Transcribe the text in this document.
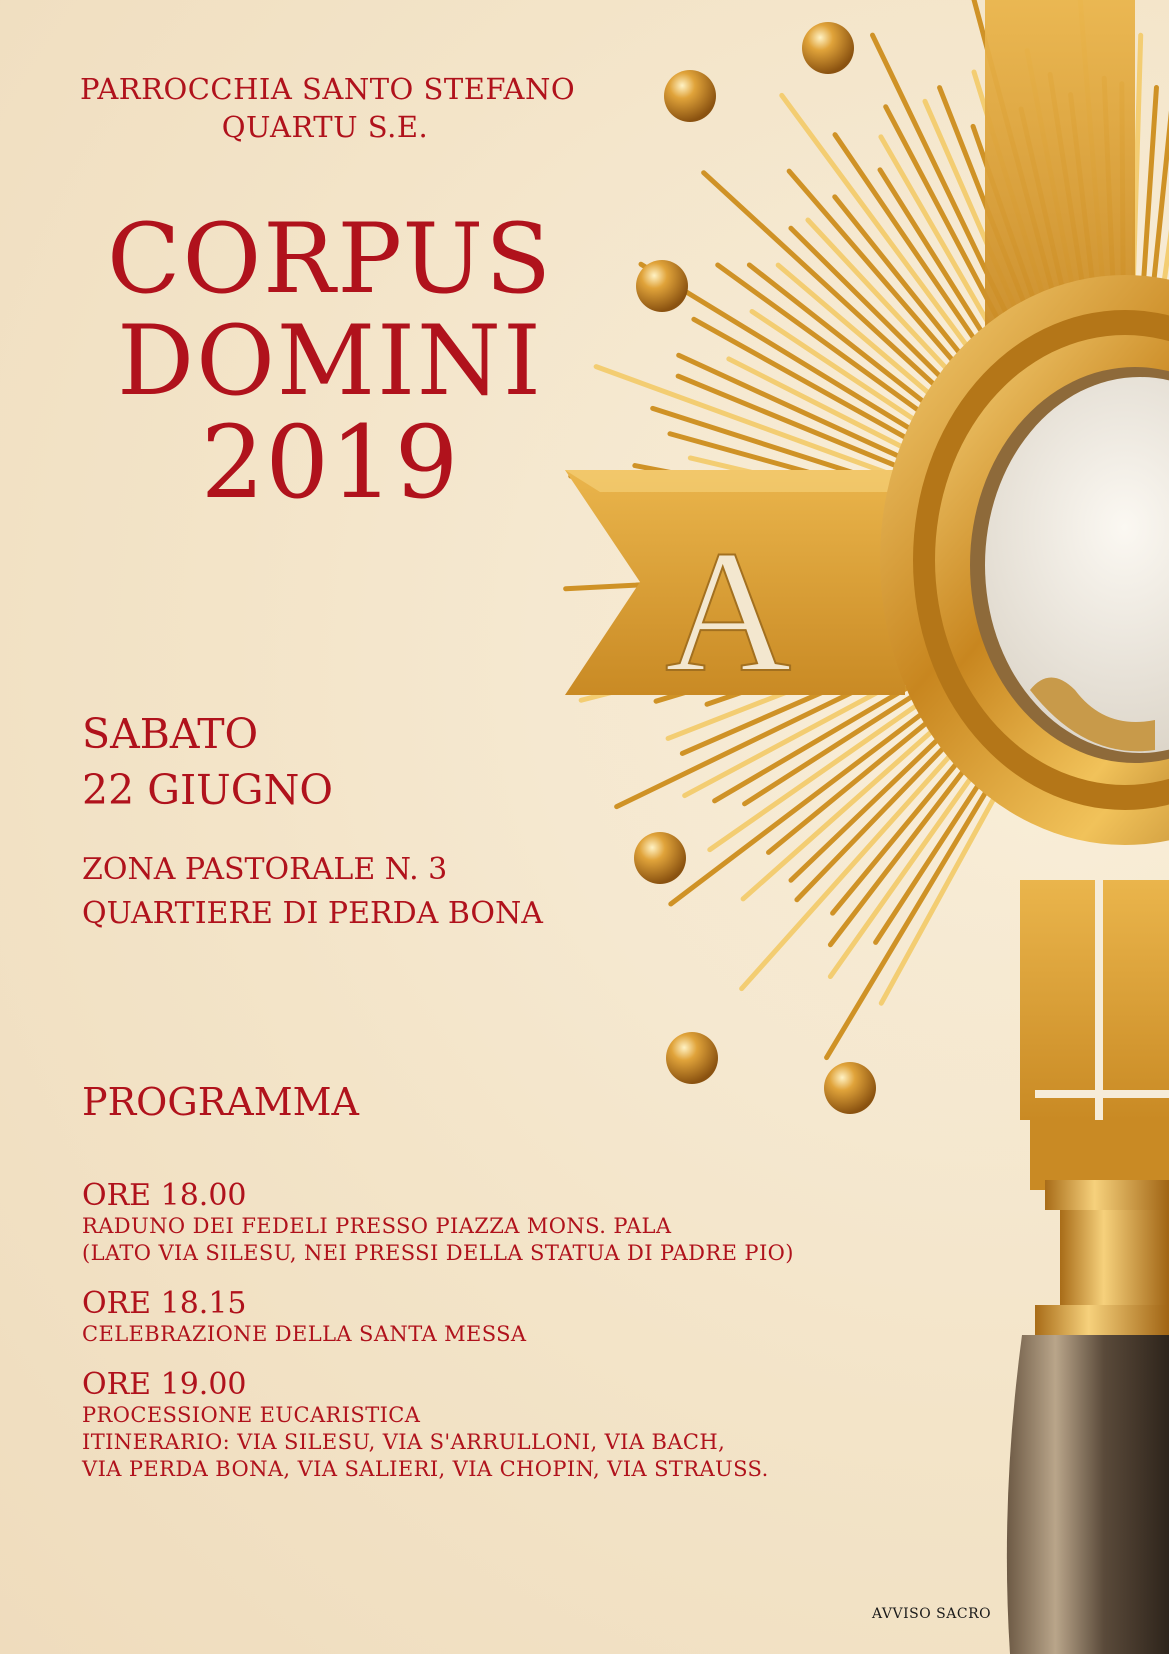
A
PARROCCHIA SANTO STEFANO
QUARTU S.E.
CORPUS
DOMINI
2019
SABATO
22 GIUGNO
ZONA PASTORALE N. 3
QUARTIERE DI PERDA BONA
PROGRAMMA
ORE 18.00
RADUNO DEI FEDELI PRESSO PIAZZA MONS. PALA
(LATO VIA SILESU, NEI PRESSI DELLA STATUA DI PADRE PIO)
ORE 18.15
CELEBRAZIONE DELLA SANTA MESSA
ORE 19.00
PROCESSIONE EUCARISTICA
ITINERARIO: VIA SILESU, VIA S'ARRULLONI, VIA BACH,
VIA PERDA BONA, VIA SALIERI, VIA CHOPIN, VIA STRAUSS.
AVVISO SACRO
